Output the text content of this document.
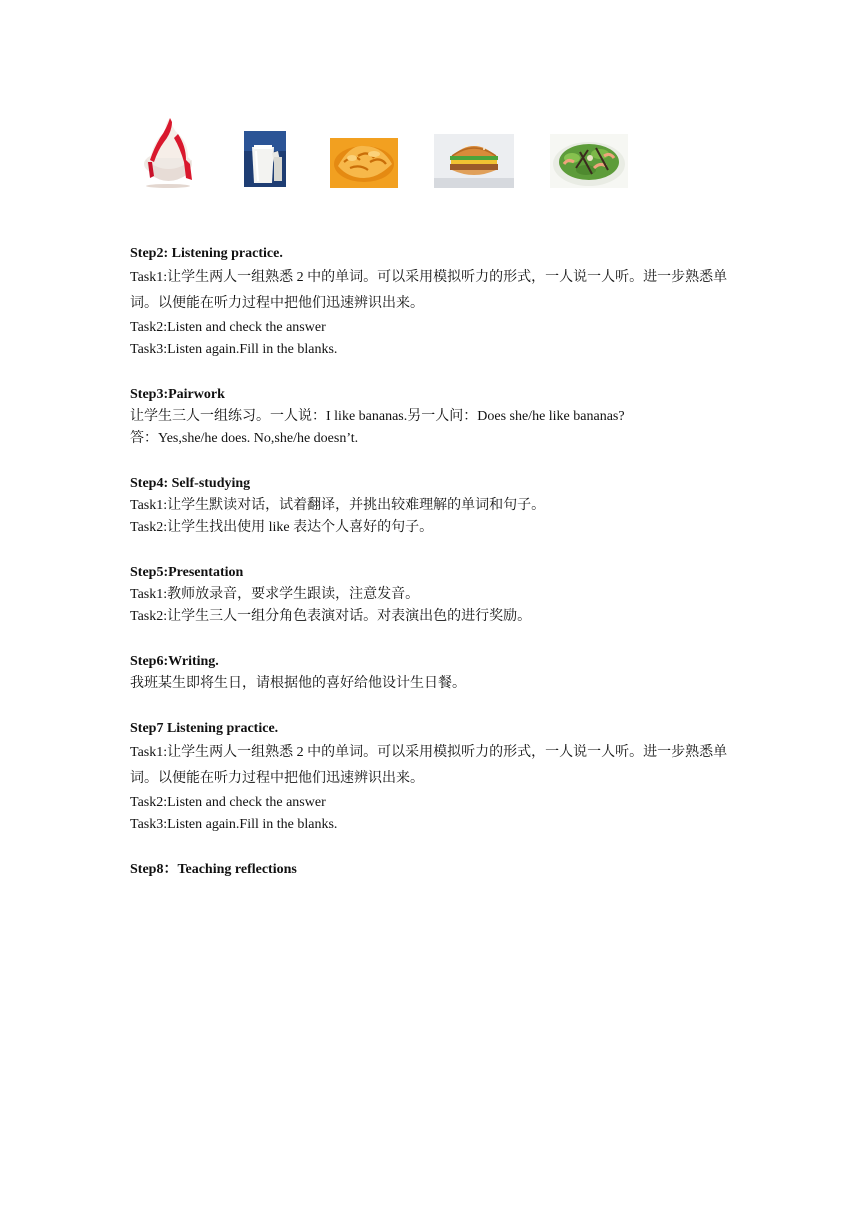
Step2: Listening practice.

Task1:让学生两人一组熟悉 2 中的单词。可以采用模拟听力的形式，一人说一人听。进一步熟悉单词。以便能在听力过程中把他们迅速辨识出来。

Task2:Listen and check the answer

Task3:Listen again.Fill in the blanks.

Step3:Pairwork

让学生三人一组练习。一人说：I like bananas.另一人问：Does she/he like bananas?

答：Yes,she/he does. No,she/he doesn’t.

Step4: Self-studying

Task1:让学生默读对话，试着翻译，并挑出较难理解的单词和句子。

Task2:让学生找出使用 like 表达个人喜好的句子。

Step5:Presentation

Task1:教师放录音，要求学生跟读，注意发音。

Task2:让学生三人一组分角色表演对话。对表演出色的进行奖励。

Step6:Writing.

我班某生即将生日，请根据他的喜好给他设计生日餐。

Step7 Listening practice.

Task1:让学生两人一组熟悉 2 中的单词。可以采用模拟听力的形式，一人说一人听。进一步熟悉单词。以便能在听力过程中把他们迅速辨识出来。

Task2:Listen and check the answer

Task3:Listen again.Fill in the blanks.

Step8：Teaching reflections
